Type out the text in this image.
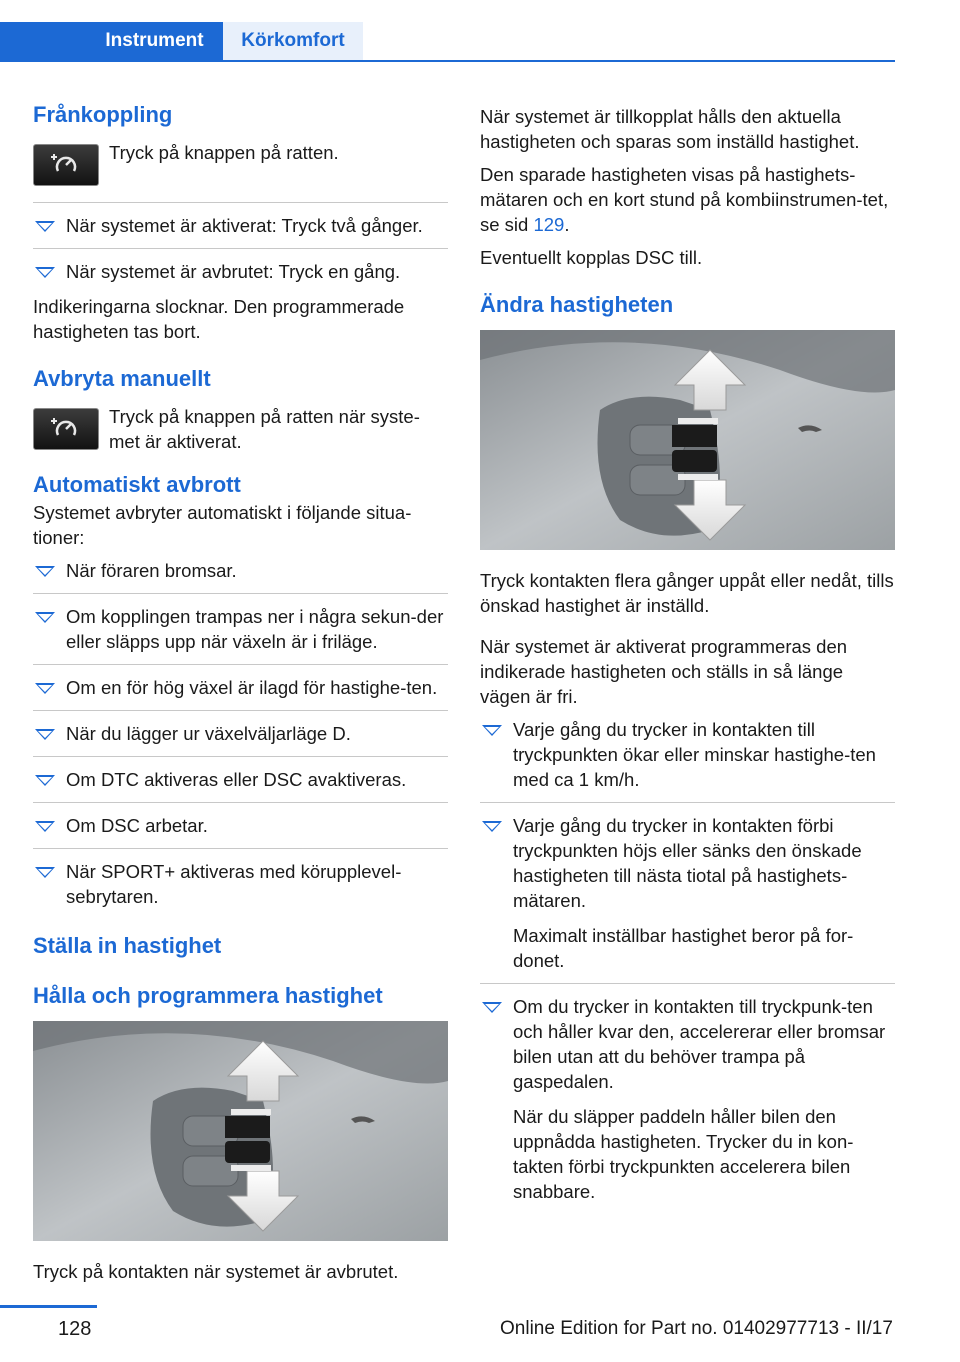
Instrument	Körkomfort
Frånkoppling
Tryck på knappen på ratten.
När systemet är aktiverat: Tryck två gånger.
När systemet är avbrutet: Tryck en gång.
Indikeringarna slocknar. Den programmerade hastigheten tas bort.
Avbryta manuellt
Tryck på knappen på ratten när syste‐met är aktiverat.
Automatiskt avbrott
Systemet avbryter automatiskt i följande situa‐tioner:
När föraren bromsar.
Om kopplingen trampas ner i några sekun‐der eller släpps upp när växeln är i friläge.
Om en för hög växel är ilagd för hastighe‐ten.
När du lägger ur växelväljarläge D.
Om DTC aktiveras eller DSC avaktiveras.
Om DSC arbetar.
När SPORT+ aktiveras med körupplevel‐sebrytaren.
Ställa in hastighet
Hålla och programmera hastighet
Tryck på kontakten när systemet är avbrutet.
När systemet är tillkopplat hålls den aktuella hastigheten och sparas som inställd hastighet.
Den sparade hastigheten visas på hastighets‐mätaren och en kort stund på kombiinstrumen‐tet, se sid 129.
Eventuellt kopplas DSC till.
Ändra hastigheten
Tryck kontakten flera gånger uppåt eller nedåt, tills önskad hastighet är inställd.
När systemet är aktiverat programmeras den indikerade hastigheten och ställs in så länge vägen är fri.
Varje gång du trycker in kontakten till tryckpunkten ökar eller minskar hastighe‐ten med ca 1 km/h.
Varje gång du trycker in kontakten förbi tryckpunkten höjs eller sänks den önskade hastigheten till nästa tiotal på hastighets‐mätaren.
Maximalt inställbar hastighet beror på for‐donet.
Om du trycker in kontakten till tryckpunk‐ten och håller kvar den, accelererar eller bromsar bilen utan att du behöver trampa på gaspedalen.
När du släpper paddeln håller bilen den uppnådda hastigheten. Trycker du in kon‐takten förbi tryckpunkten accelerera bilen snabbare.
128	Online Edition for Part no. 01402977713 - II/17
